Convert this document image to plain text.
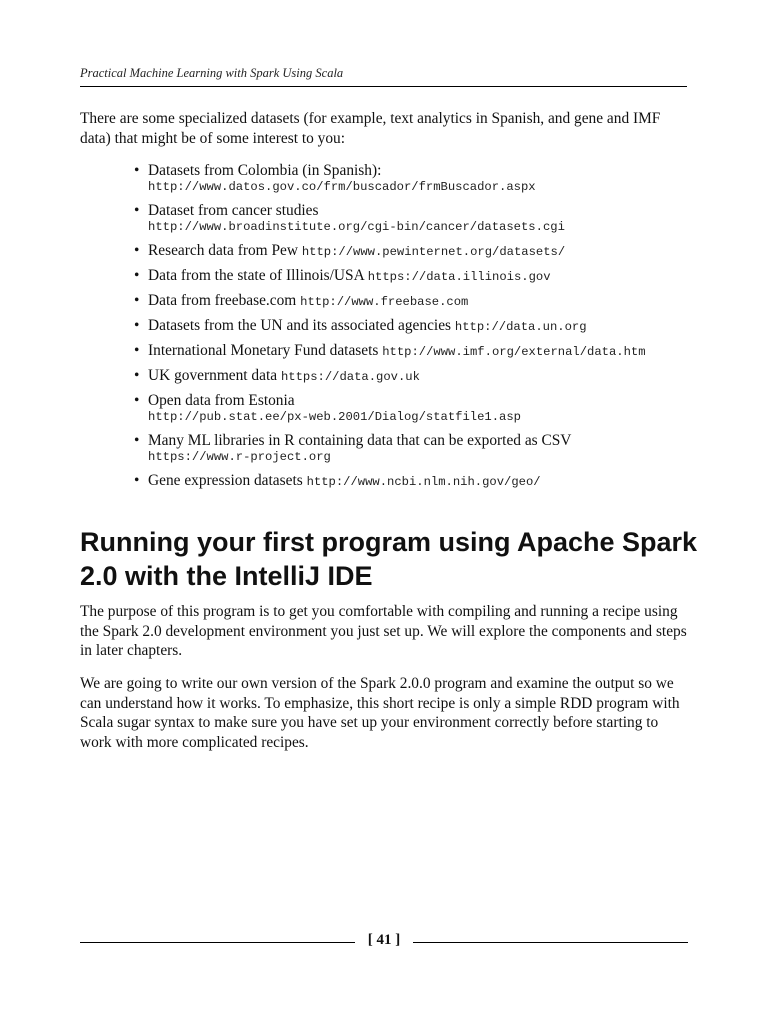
Practical Machine Learning with Spark Using Scala

There are some specialized datasets (for example, text analytics in Spanish, and gene and IMF data) that might be of some interest to you:

• Datasets from Colombia (in Spanish):
http://www.datos.gov.co/frm/buscador/frmBuscador.aspx
• Dataset from cancer studies
http://www.broadinstitute.org/cgi-bin/cancer/datasets.cgi
• Research data from Pew http://www.pewinternet.org/datasets/
• Data from the state of Illinois/USA https://data.illinois.gov
• Data from freebase.com http://www.freebase.com
• Datasets from the UN and its associated agencies http://data.un.org
• International Monetary Fund datasets http://www.imf.org/external/data.htm
• UK government data https://data.gov.uk
• Open data from Estonia
http://pub.stat.ee/px-web.2001/Dialog/statfile1.asp
• Many ML libraries in R containing data that can be exported as CSV
https://www.r-project.org
• Gene expression datasets http://www.ncbi.nlm.nih.gov/geo/
Running your first program using Apache Spark 2.0 with the IntelliJ IDE

The purpose of this program is to get you comfortable with compiling and running a recipe using the Spark 2.0 development environment you just set up. We will explore the components and steps in later chapters.

We are going to write our own version of the Spark 2.0.0 program and examine the output so we can understand how it works. To emphasize, this short recipe is only a simple RDD program with Scala sugar syntax to make sure you have set up your environment correctly before starting to work with more complicated recipes.

[ 41 ]
